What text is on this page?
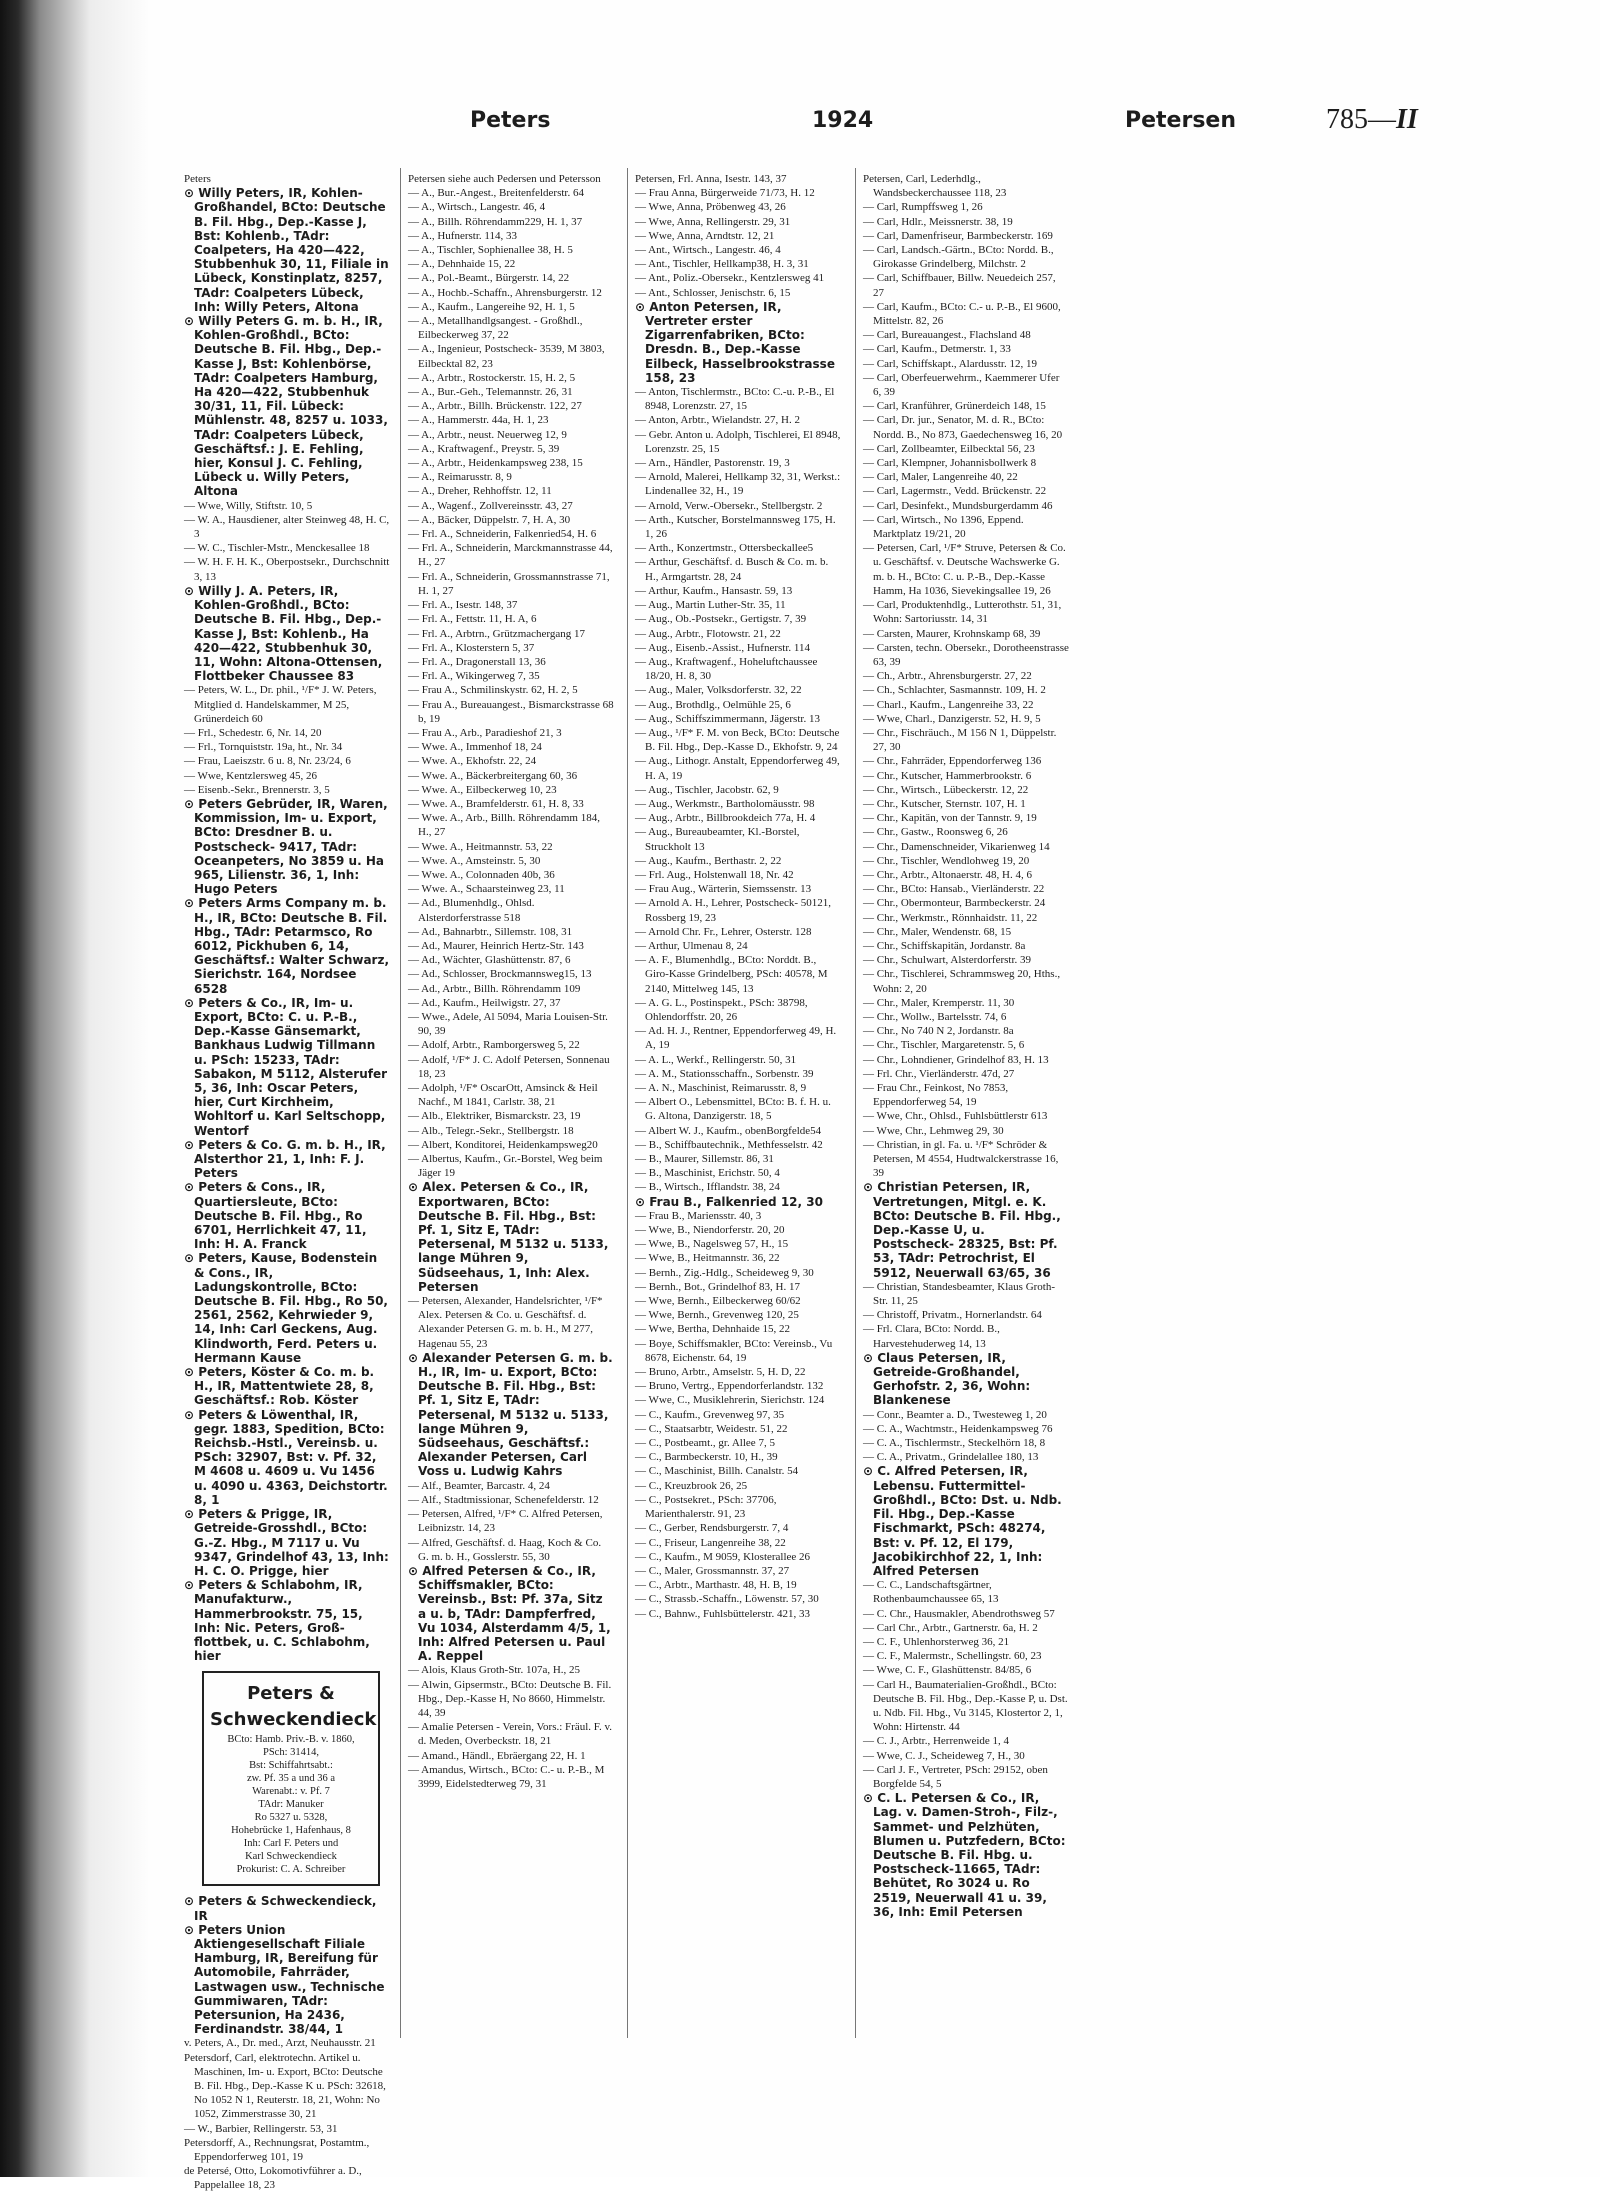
Peters	1924	Petersen	785—II

Peters

⊙ Willy Peters, IR, Kohlen-Großhandel, BCto: Deutsche B. Fil. Hbg., Dep.-Kasse J, Bst: Kohlenb., TAdr: Coalpeters, Ha 420—422, Stubbenhuk 30, 11, Filiale in Lübeck, Konstinplatz, 8257, TAdr: Coalpeters Lübeck, Inh: Willy Peters, Altona

⊙ Willy Peters G. m. b. H., IR, Kohlen-Großhdl., BCto: Deutsche B. Fil. Hbg., Dep.-Kasse J, Bst: Kohlenbörse, TAdr: Coalpeters Hamburg, Ha 420—422, Stubbenhuk 30/31, 11, Fil. Lübeck: Mühlenstr. 48, 8257 u. 1033, TAdr: Coalpeters Lübeck, Geschäftsf.: J. E. Fehling, hier, Konsul J. C. Fehling, Lübeck u. Willy Peters, Altona

— Wwe, Willy, Stiftstr. 10, 5

— W. A., Hausdiener, alter Steinweg 48, H. C, 3

— W. C., Tischler-Mstr., Menckesallee 18

— W. H. F. H. K., Oberpostsekr., Durchschnitt 3, 13

⊙ Willy J. A. Peters, IR, Kohlen-Großhdl., BCto: Deutsche B. Fil. Hbg., Dep.-Kasse J, Bst: Kohlenb., Ha 420—422, Stubbenhuk 30, 11, Wohn: Altona-Ottensen, Flottbeker Chaussee 83

— Peters, W. L., Dr. phil., ¹/F* J. W. Peters, Mitglied d. Handelskammer, M 25, Grünerdeich 60

— Frl., Schedestr. 6, Nr. 14, 20

— Frl., Tornquiststr. 19a, ht., Nr. 34

— Frau, Laeiszstr. 6 u. 8, Nr. 23/24, 6

— Wwe, Kentzlersweg 45, 26

— Eisenb.-Sekr., Brennerstr. 3, 5

⊙ Peters Gebrüder, IR, Waren, Kommission, Im- u. Export, BCto: Dresdner B. u. Postscheck- 9417, TAdr: Oceanpeters, No 3859 u. Ha 965, Lilienstr. 36, 1, Inh: Hugo Peters

⊙ Peters Arms Company m. b. H., IR, BCto: Deutsche B. Fil. Hbg., TAdr: Petarmsco, Ro 6012, Pickhuben 6, 14, Geschäftsf.: Walter Schwarz, Sierichstr. 164, Nordsee 6528

⊙ Peters & Co., IR, Im- u. Export, BCto: C. u. P.-B., Dep.-Kasse Gänsemarkt, Bankhaus Ludwig Tillmann u. PSch: 15233, TAdr: Sabakon, M 5112, Alsterufer 5, 36, Inh: Oscar Peters, hier, Curt Kirchheim, Wohltorf u. Karl Seltschopp, Wentorf

⊙ Peters & Co. G. m. b. H., IR, Alsterthor 21, 1, Inh: F. J. Peters

⊙ Peters & Cons., IR, Quartiersleute, BCto: Deutsche B. Fil. Hbg., Ro 6701, Herrlichkeit 47, 11, Inh: H. A. Franck

⊙ Peters, Kause, Bodenstein & Cons., IR, Ladungskontrolle, BCto: Deutsche B. Fil. Hbg., Ro 50, 2561, 2562, Kehrwieder 9, 14, Inh: Carl Geckens, Aug. Klindworth, Ferd. Peters u. Hermann Kause

⊙ Peters, Köster & Co. m. b. H., IR, Mattentwiete 28, 8, Geschäftsf.: Rob. Köster

⊙ Peters & Löwenthal, IR, gegr. 1883, Spedition, BCto: Reichsb.-Hstl., Vereinsb. u. PSch: 32907, Bst: v. Pf. 32, M 4608 u. 4609 u. Vu 1456 u. 4090 u. 4363, Deichstortr. 8, 1

⊙ Peters & Prigge, IR, Getreide-Grosshdl., BCto: G.-Z. Hbg., M 7117 u. Vu 9347, Grindelhof 43, 13, Inh: H. C. O. Prigge, hier

⊙ Peters & Schlabohm, IR, Manufakturw., Hammerbrookstr. 75, 15, Inh: Nic. Peters, Groß-flottbek, u. C. Schlabohm, hier

Peters &

Schweckendieck

BCto: Hamb. Priv.-B. v. 1860,

PSch: 31414,

Bst: Schiffahrtsabt.:

zw. Pf. 35 a und 36 a

Warenabt.: v. Pf. 7

TAdr: Manuker

Ro 5327 u. 5328,

Hohebrücke 1, Hafenhaus, 8

Inh: Carl F. Peters und

Karl Schweckendieck

Prokurist: C. A. Schreiber

⊙ Peters & Schweckendieck, IR

⊙ Peters Union Aktiengesellschaft Filiale Hamburg, IR, Bereifung für Automobile, Fahrräder, Lastwagen usw., Technische Gummiwaren, TAdr: Petersunion, Ha 2436, Ferdinandstr. 38/44, 1

v. Peters, A., Dr. med., Arzt, Neuhausstr. 21

Petersdorf, Carl, elektrotechn. Artikel u. Maschinen, Im- u. Export, BCto: Deutsche B. Fil. Hbg., Dep.-Kasse K u. PSch: 32618, No 1052 N 1, Reuterstr. 18, 21, Wohn: No 1052, Zimmerstrasse 30, 21

— W., Barbier, Rellingerstr. 53, 31

Petersdorff, A., Rechnungsrat, Postamtm., Eppendorferweg 101, 19

de Petersé, Otto, Lokomotivführer a. D., Pappelallee 18, 23

Petersen siehe auch Pedersen und Petersson

— A., Bur.-Angest., Breitenfelderstr. 64

— A., Wirtsch., Langestr. 46, 4

— A., Billh. Röhrendamm229, H. 1, 37

— A., Hufnerstr. 114, 33

— A., Tischler, Sophienallee 38, H. 5

— A., Dehnhaide 15, 22

— A., Pol.-Beamt., Bürgerstr. 14, 22

— A., Hochb.-Schaffn., Ahrensburgerstr. 12

— A., Kaufm., Langereihe 92, H. 1, 5

— A., Metallhandlgsangest. - Großhdl., Eilbeckerweg 37, 22

— A., Ingenieur, Postscheck- 3539, M 3803, Eilbecktal 82, 23

— A., Arbtr., Rostockerstr. 15, H. 2, 5

— A., Bur.-Geh., Telemannstr. 26, 31

— A., Arbtr., Billh. Brückenstr. 122, 27

— A., Hammerstr. 44a, H. 1, 23

— A., Arbtr., neust. Neuerweg 12, 9

— A., Kraftwagenf., Preystr. 5, 39

— A., Arbtr., Heidenkampsweg 238, 15

— A., Reimarusstr. 8, 9

— A., Dreher, Rehhoffstr. 12, 11

— A., Wagenf., Zollvereinsstr. 43, 27

— A., Bäcker, Düppelstr. 7, H. A, 30

— Frl. A., Schneiderin, Falkenried54, H. 6

— Frl. A., Schneiderin, Marckmannstrasse 44, H., 27

— Frl. A., Schneiderin, Grossmannstrasse 71, H. 1, 27

— Frl. A., Isestr. 148, 37

— Frl. A., Fettstr. 11, H. A, 6

— Frl. A., Arbtrn., Grützmachergang 17

— Frl. A., Klosterstern 5, 37

— Frl. A., Dragonerstall 13, 36

— Frl. A., Wikingerweg 7, 35

— Frau A., Schmilinskystr. 62, H. 2, 5

— Frau A., Bureauangest., Bismarckstrasse 68 b, 19

— Frau A., Arb., Paradieshof 21, 3

— Wwe. A., Immenhof 18, 24

— Wwe. A., Ekhofstr. 22, 24

— Wwe. A., Bäckerbreitergang 60, 36

— Wwe. A., Eilbeckerweg 10, 23

— Wwe. A., Bramfelderstr. 61, H. 8, 33

— Wwe. A., Arb., Billh. Röhrendamm 184, H., 27

— Wwe. A., Heitmannstr. 53, 22

— Wwe. A., Amsteinstr. 5, 30

— Wwe. A., Colonnaden 40b, 36

— Wwe. A., Schaarsteinweg 23, 11

— Ad., Blumenhdlg., Ohlsd. Alsterdorferstrasse 518

— Ad., Bahnarbtr., Sillemstr. 108, 31

— Ad., Maurer, Heinrich Hertz-Str. 143

— Ad., Wächter, Glashüttenstr. 87, 6

— Ad., Schlosser, Brockmannsweg15, 13

— Ad., Arbtr., Billh. Röhrendamm 109

— Ad., Kaufm., Heilwigstr. 27, 37

— Wwe., Adele, Al 5094, Maria Louisen-Str. 90, 39

— Adolf, Arbtr., Ramborgersweg 5, 22

— Adolf, ¹/F* J. C. Adolf Petersen, Sonnenau 18, 23

— Adolph, ¹/F* OscarOtt, Amsinck & Heil Nachf., M 1841, Carlstr. 38, 21

— Alb., Elektriker, Bismarckstr. 23, 19

— Alb., Telegr.-Sekr., Stellbergstr. 18

— Albert, Konditorei, Heidenkampsweg20

— Albertus, Kaufm., Gr.-Borstel, Weg beim Jäger 19

⊙ Alex. Petersen & Co., IR, Exportwaren, BCto: Deutsche B. Fil. Hbg., Bst: Pf. 1, Sitz E, TAdr: Petersenal, M 5132 u. 5133, lange Mühren 9, Südseehaus, 1, Inh: Alex. Petersen

— Petersen, Alexander, Handelsrichter, ¹/F* Alex. Petersen & Co. u. Geschäftsf. d. Alexander Petersen G. m. b. H., M 277, Hagenau 55, 23

⊙ Alexander Petersen G. m. b. H., IR, Im- u. Export, BCto: Deutsche B. Fil. Hbg., Bst: Pf. 1, Sitz E, TAdr: Petersenal, M 5132 u. 5133, lange Mühren 9, Südseehaus, Geschäftsf.: Alexander Petersen, Carl Voss u. Ludwig Kahrs

— Alf., Beamter, Barcastr. 4, 24

— Alf., Stadtmissionar, Schenefelderstr. 12

— Petersen, Alfred, ¹/F* C. Alfred Petersen, Leibnizstr. 14, 23

— Alfred, Geschäftsf. d. Haag, Koch & Co. G. m. b. H., Gosslerstr. 55, 30

⊙ Alfred Petersen & Co., IR, Schiffsmakler, BCto: Vereinsb., Bst: Pf. 37a, Sitz a u. b, TAdr: Dampferfred, Vu 1034, Alsterdamm 4/5, 1, Inh: Alfred Petersen u. Paul A. Reppel

— Alois, Klaus Groth-Str. 107a, H., 25

— Alwin, Gipsermstr., BCto: Deutsche B. Fil. Hbg., Dep.-Kasse H, No 8660, Himmelstr. 44, 39

— Amalie Petersen - Verein, Vors.: Fräul. F. v. d. Meden, Overbeckstr. 18, 21

— Amand., Händl., Ebräergang 22, H. 1

— Amandus, Wirtsch., BCto: C.- u. P.-B., M 3999, Eidelstedterweg 79, 31

Petersen, Frl. Anna, Isestr. 143, 37

— Frau Anna, Bürgerweide 71/73, H. 12

— Wwe, Anna, Pröbenweg 43, 26

— Wwe, Anna, Rellingerstr. 29, 31

— Wwe, Anna, Arndtstr. 12, 21

— Ant., Wirtsch., Langestr. 46, 4

— Ant., Tischler, Hellkamp38, H. 3, 31

— Ant., Poliz.-Obersekr., Kentzlersweg 41

— Ant., Schlosser, Jenischstr. 6, 15

⊙ Anton Petersen, IR, Vertreter erster Zigarrenfabriken, BCto: Dresdn. B., Dep.-Kasse Eilbeck, Hasselbrookstrasse 158, 23

— Anton, Tischlermstr., BCto: C.-u. P.-B., El 8948, Lorenzstr. 27, 15

— Anton, Arbtr., Wielandstr. 27, H. 2

— Gebr. Anton u. Adolph, Tischlerei, El 8948, Lorenzstr. 25, 15

— Arn., Händler, Pastorenstr. 19, 3

— Arnold, Malerei, Hellkamp 32, 31, Werkst.: Lindenallee 32, H., 19

— Arnold, Verw.-Obersekr., Stellbergstr. 2

— Arth., Kutscher, Borstelmannsweg 175, H. 1, 26

— Arth., Konzertmstr., Ottersbeckallee5

— Arthur, Geschäftsf. d. Busch & Co. m. b. H., Armgartstr. 28, 24

— Arthur, Kaufm., Hansastr. 59, 13

— Aug., Martin Luther-Str. 35, 11

— Aug., Ob.-Postsekr., Gertigstr. 7, 39

— Aug., Arbtr., Flotowstr. 21, 22

— Aug., Eisenb.-Assist., Hufnerstr. 114

— Aug., Kraftwagenf., Hoheluftchaussee 18/20, H. 8, 30

— Aug., Maler, Volksdorferstr. 32, 22

— Aug., Brothdlg., Oelmühle 25, 6

— Aug., Schiffszimmermann, Jägerstr. 13

— Aug., ¹/F* F. M. von Beck, BCto: Deutsche B. Fil. Hbg., Dep.-Kasse D., Ekhofstr. 9, 24

— Aug., Lithogr. Anstalt, Eppendorferweg 49, H. A, 19

— Aug., Tischler, Jacobstr. 62, 9

— Aug., Werkmstr., Bartholomäusstr. 98

— Aug., Arbtr., Billbrookdeich 77a, H. 4

— Aug., Bureaubeamter, Kl.-Borstel, Struckholt 13

— Aug., Kaufm., Berthastr. 2, 22

— Frl. Aug., Holstenwall 18, Nr. 42

— Frau Aug., Wärterin, Siemssenstr. 13

— Arnold A. H., Lehrer, Postscheck- 50121, Rossberg 19, 23

— Arnold Chr. Fr., Lehrer, Osterstr. 128

— Arthur, Ulmenau 8, 24

— A. F., Blumenhdlg., BCto: Norddt. B., Giro-Kasse Grindelberg, PSch: 40578, M 2140, Mittelweg 145, 13

— A. G. L., Postinspekt., PSch: 38798, Ohlendorffstr. 20, 26

— Ad. H. J., Rentner, Eppendorferweg 49, H. A, 19

— A. L., Werkf., Rellingerstr. 50, 31

— A. M., Stationsschaffn., Sorbenstr. 39

— A. N., Maschinist, Reimarusstr. 8, 9

— Albert O., Lebensmittel, BCto: B. f. H. u. G. Altona, Danzigerstr. 18, 5

— Albert W. J., Kaufm., obenBorgfelde54

— B., Schiffbautechnik., Methfesselstr. 42

— B., Maurer, Sillemstr. 86, 31

— B., Maschinist, Erichstr. 50, 4

— B., Wirtsch., Ifflandstr. 38, 24

⊙ Frau B., Falkenried 12, 30

— Frau B., Mariensstr. 40, 3

— Wwe, B., Niendorferstr. 20, 20

— Wwe, B., Nagelsweg 57, H., 15

— Wwe, B., Heitmannstr. 36, 22

— Bernh., Zig.-Hdlg., Scheideweg 9, 30

— Bernh., Bot., Grindelhof 83, H. 17

— Wwe, Bernh., Eilbeckerweg 60/62

— Wwe, Bernh., Grevenweg 120, 25

— Wwe, Bertha, Dehnhaide 15, 22

— Boye, Schiffsmakler, BCto: Vereinsb., Vu 8678, Eichenstr. 64, 19

— Bruno, Arbtr., Amselstr. 5, H. D, 22

— Bruno, Vertrg., Eppendorferlandstr. 132

— Wwe, C., Musiklehrerin, Sierichstr. 124

— C., Kaufm., Grevenweg 97, 35

— C., Staatsarbtr, Weidestr. 51, 22

— C., Postbeamt., gr. Allee 7, 5

— C., Barmbeckerstr. 10, H., 39

— C., Maschinist, Billh. Canalstr. 54

— C., Kreuzbrook 26, 25

— C., Postsekret., PSch: 37706, Marienthalerstr. 91, 23

— C., Gerber, Rendsburgerstr. 7, 4

— C., Friseur, Langenreihe 38, 22

— C., Kaufm., M 9059, Klosterallee 26

— C., Maler, Grossmannstr. 37, 27

— C., Arbtr., Marthastr. 48, H. B, 19

— C., Strassb.-Schaffn., Löwenstr. 57, 30

— C., Bahnw., Fuhlsbüttelerstr. 421, 33

Petersen, Carl, Lederhdlg., Wandsbeckerchaussee 118, 23

— Carl, Rumpffsweg 1, 26

— Carl, Hdlr., Meissnerstr. 38, 19

— Carl, Damenfriseur, Barmbeckerstr. 169

— Carl, Landsch.-Gärtn., BCto: Nordd. B., Girokasse Grindelberg, Milchstr. 2

— Carl, Schiffbauer, Billw. Neuedeich 257, 27

— Carl, Kaufm., BCto: C.- u. P.-B., El 9600, Mittelstr. 82, 26

— Carl, Bureauangest., Flachsland 48

— Carl, Kaufm., Detmerstr. 1, 33

— Carl, Schiffskapt., Alardusstr. 12, 19

— Carl, Oberfeuerwehrm., Kaemmerer Ufer 6, 39

— Carl, Kranführer, Grünerdeich 148, 15

— Carl, Dr. jur., Senator, M. d. R., BCto: Nordd. B., No 873, Gaedechensweg 16, 20

— Carl, Zollbeamter, Eilbecktal 56, 23

— Carl, Klempner, Johannisbollwerk 8

— Carl, Maler, Langenreihe 40, 22

— Carl, Lagermstr., Vedd. Brückenstr. 22

— Carl, Desinfekt., Mundsburgerdamm 46

— Carl, Wirtsch., No 1396, Eppend. Marktplatz 19/21, 20

— Petersen, Carl, ¹/F* Struve, Petersen & Co. u. Geschäftsf. v. Deutsche Wachswerke G. m. b. H., BCto: C. u. P.-B., Dep.-Kasse Hamm, Ha 1036, Sievekingsallee 19, 26

— Carl, Produktenhdlg., Lutterothstr. 51, 31, Wohn: Sartoriusstr. 14, 31

— Carsten, Maurer, Krohnskamp 68, 39

— Carsten, techn. Obersekr., Dorotheenstrasse 63, 39

— Ch., Arbtr., Ahrensburgerstr. 27, 22

— Ch., Schlachter, Sasmannstr. 109, H. 2

— Charl., Kaufm., Langenreihe 33, 22

— Wwe, Charl., Danzigerstr. 52, H. 9, 5

— Chr., Fischräuch., M 156 N 1, Düppelstr. 27, 30

— Chr., Fahrräder, Eppendorferweg 136

— Chr., Kutscher, Hammerbrookstr. 6

— Chr., Wirtsch., Lübeckerstr. 12, 22

— Chr., Kutscher, Sternstr. 107, H. 1

— Chr., Kapitän, von der Tannstr. 9, 19

— Chr., Gastw., Roonsweg 6, 26

— Chr., Damenschneider, Vikarienweg 14

— Chr., Tischler, Wendlohweg 19, 20

— Chr., Arbtr., Altonaerstr. 48, H. 4, 6

— Chr., BCto: Hansab., Vierländerstr. 22

— Chr., Obermonteur, Barmbeckerstr. 24

— Chr., Werkmstr., Rönnhaidstr. 11, 22

— Chr., Maler, Wendenstr. 68, 15

— Chr., Schiffskapitän, Jordanstr. 8a

— Chr., Schulwart, Alsterdorferstr. 39

— Chr., Tischlerei, Schrammsweg 20, Hths., Wohn: 2, 20

— Chr., Maler, Kremperstr. 11, 30

— Chr., Wollw., Bartelsstr. 74, 6

— Chr., No 740 N 2, Jordanstr. 8a

— Chr., Tischler, Margaretenstr. 5, 6

— Chr., Lohndiener, Grindelhof 83, H. 13

— Frl. Chr., Vierländerstr. 47d, 27

— Frau Chr., Feinkost, No 7853, Eppendorferweg 54, 19

— Wwe, Chr., Ohlsd., Fuhlsbüttlerstr 613

— Wwe, Chr., Lehmweg 29, 30

— Christian, in gl. Fa. u. ¹/F* Schröder & Petersen, M 4554, Hudtwalckerstrasse 16, 39

⊙ Christian Petersen, IR, Vertretungen, Mitgl. e. K. BCto: Deutsche B. Fil. Hbg., Dep.-Kasse U, u. Postscheck- 28325, Bst: Pf. 53, TAdr: Petrochrist, El 5912, Neuerwall 63/65, 36

— Christian, Standesbeamter, Klaus Groth-Str. 11, 25

— Christoff, Privatm., Hornerlandstr. 64

— Frl. Clara, BCto: Nordd. B., Harvestehuderweg 14, 13

⊙ Claus Petersen, IR, Getreide-Großhandel, Gerhofstr. 2, 36, Wohn: Blankenese

— Conr., Beamter a. D., Twesteweg 1, 20

— C. A., Wachtmstr., Heidenkampsweg 76

— C. A., Tischlermstr., Steckelhörn 18, 8

— C. A., Privatm., Grindelallee 180, 13

⊙ C. Alfred Petersen, IR, Lebensu. Futtermittel-Großhdl., BCto: Dst. u. Ndb. Fil. Hbg., Dep.-Kasse Fischmarkt, PSch: 48274, Bst: v. Pf. 12, El 179, Jacobikirchhof 22, 1, Inh: Alfred Petersen

— C. C., Landschaftsgärtner, Rothenbaumchaussee 65, 13

— C. Chr., Hausmakler, Abendrothsweg 57

— Carl Chr., Arbtr., Gartnerstr. 6a, H. 2

— C. F., Uhlenhorsterweg 36, 21

— C. F., Malermstr., Schellingstr. 60, 23

— Wwe, C. F., Glashüttenstr. 84/85, 6

— Carl H., Baumaterialien-Großhdl., BCto: Deutsche B. Fil. Hbg., Dep.-Kasse P, u. Dst. u. Ndb. Fil. Hbg., Vu 3145, Klostertor 2, 1, Wohn: Hirtenstr. 44

— C. J., Arbtr., Herrenweide 1, 4

— Wwe, C. J., Scheideweg 7, H., 30

— Carl J. F., Vertreter, PSch: 29152, oben Borgfelde 54, 5

⊙ C. L. Petersen & Co., IR, Lag. v. Damen-Stroh-, Filz-, Sammet- und Pelzhüten, Blumen u. Putzfedern, BCto: Deutsche B. Fil. Hbg. u. Postscheck-11665, TAdr: Behütet, Ro 3024 u. Ro 2519, Neuerwall 41 u. 39, 36, Inh: Emil Petersen
